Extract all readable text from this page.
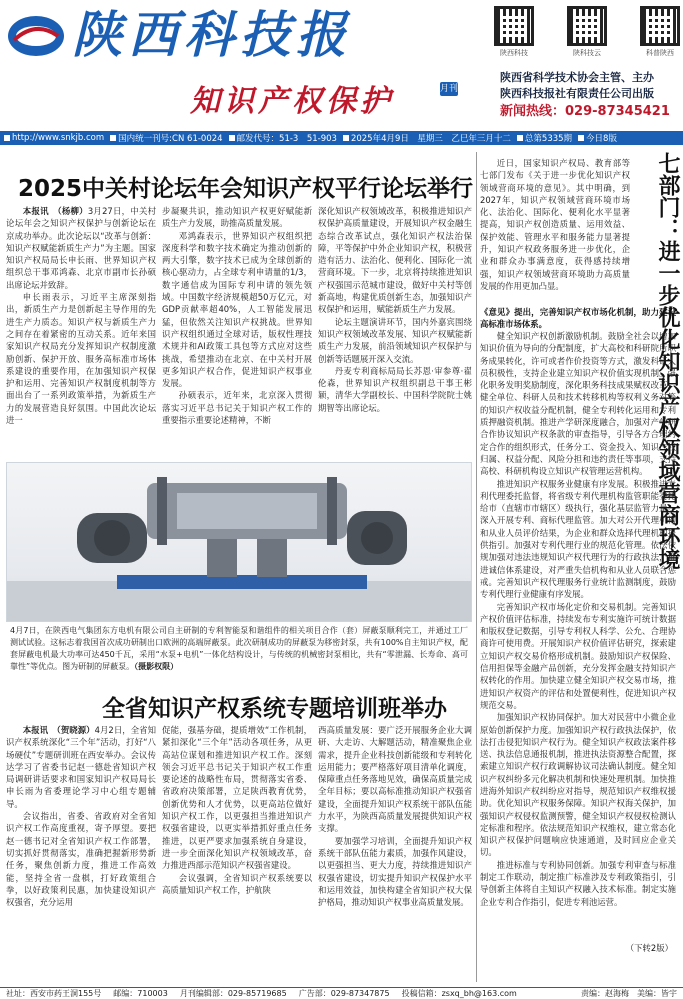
陕西科技报
知识产权保护	月刊
陕西科技	陕科技云	科普陕西
陕西省科学技术协会主管、主办
陕西科技报社有限责任公司出版
新闻热线：029-87345421
http://www.snkjb.com 国内统一刊号:CN 61-0024 邮发代号：51-3　51-903 2025年4月9日　星期三　乙巳年三月十二 总第5335期 今日8版
2025中关村论坛年会知识产权平行论坛举行

本报讯　（杨柳）3月27日，中关村论坛年会之知识产权保护与创新论坛在京成功举办。此次论坛以“改革与创新：知识产权赋能新质生产力”为主题。国家知识产权局局长申长雨、世界知识产权组织总干事邓鸿森、北京市副市长孙硕出席论坛并致辞。

申长雨表示，习近平主席深刻指出，新质生产力是创新起主导作用的先进生产力质态。知识产权与新质生产力之间存在着紧密的互动关系。近年来国家知识产权局充分发挥知识产权制度激励创新、保护开放、服务高标准市场体系建设的重要作用，在加强知识产权保护和运用、完善知识产权制度机制等方面出台了一系列政策举措，为新质生产力的发展营造良好氛围。中国此次论坛进一

步凝聚共识，推动知识产权更好赋能新质生产力发展，助推高质量发展。

邓鸿森表示，世界知识产权组织把深度科学和数字技术确定为推动创新的两大引擎，数字技术已成为全球创新的核心驱动力，占全球专利申请量的1/3，数字通信成为国际专利申请的领先领域。中国数字经济规模超50万亿元，对GDP贡献率超40%，人工智能发展迅猛，但依然关注知识产权挑战。世界知识产权组织通过全球对话，版权性理技术规并和AI政策工具包等方式应对这些挑战，希望推动在北京、在中关村开展更多知识产权合作，促进知识产权事业发展。

孙硕表示，近年来，北京深入贯彻落实习近平总书记关于知识产权工作的重要指示重要论述精神，不断

深化知识产权领域改革，积极推进知识产权保护高质量建设，开展知识产权金融生态综合改革试点，强化知识产权法治保障，平等保护中外企业知识产权，积极营造有活力、法治化、便利化、国际化一流营商环境。下一步，北京将持续推进知识产权强国示范城市建设，做好中关村等创新高地，构建优质创新生态，加强知识产权保护和运用，赋能新质生产力发展。

论坛主题演讲环节，国内外嘉宾围绕知识产权领域改革发展、知识产权赋能新质生产力发展，前沿领域知识产权保护与创新等话题展开深入交流。

丹麦专利商标局局长苏恩·审参尊·翟伦森，世界知识产权组织副总干事王彬颖，清华大学副校长、中国科学院院士姚期智等出席论坛。

4月7日，在陕西电气集团东方电机有限公司自主研制的专利智能泵和谐组件的相关项目合作（套）屏蔽泵顺利完工，并通过工厂测试试验。这标志着我国首次成功研制出口欧洲的高端屏蔽泵。此次研制成功的屏蔽泵为移密封泵，共有100%自主知识产权，配套屏蔽电机最大功率可达450千瓦，采用“水泵+电机”一体化结构设计，与传统的机械密封泵相比，共有“零泄漏、长寿命、高可靠性”等优点。图为研制的屏蔽泵。（摄影权限）
全省知识产权系统专题培训班举办

本报讯　（贺晓源）4月2日，全省知识产权系统深化“三个年”活动，打好“八场硬仗”专题研训班在西安举办。会议传达学习了省委书记赵一德赴省知识产权局调研讲话要求和国家知识产权局局长申长雨为省委理论学习中心组专题辅导。

会议指出，省委、省政府对全省知识产权工作高度重视，寄予厚望。要把赵一德书记对全省知识产权工作部署，切实抓好贯彻落实，准确把握新形势新任务，聚焦创新力度，推进工作高效能，坚持全省一盘棋，打好政策组合拳，以好政策利民惠，加快建设知识产权强省，充分运用

促能，强基夯础，提质增效“工作机制，紧扣深化“三个年”活动各项任务，从更高站位谋划和推进知识产权工作。深刻领会习近平总书记关于知识产权工作重要论述的战略性布局，贯彻落实省委、省政府决策部署，立足陕西教育优势，创新优势和人才优势，以更高站位做好知识产权工作，以更强担当推进知识产权强省建设，以更实举措抓好重点任务推进，以更严要求加强系统自身建设，进一步全面深化知识产权领域改革，奋力推进西部示范知识产权强省建设。

会议强调，全省知识产权系统要以高质量知识产权工作，护航陕

西高质量发展：要广泛开展服务企业大调研、大走访、大解题活动，精准聚焦企业需求，提升企业科技创新能级和专利转化运用能力；要严格落好项目清单化调度，保障重点任务落地见效，确保高质量完成全年目标；要以高标准推动知识产权强省建设，全面提升知识产权系统干部队伍能力水平，为陕西高质量发展提供知识产权支撑。

要加强学习培训，全面提升知识产权系统干部队伍能力素质，加强作风建设，以更强担当、更大力度，持续推进知识产权强省建设，切实提升知识产权保护水平和运用效益，加快构建全省知识产权大保护格局，推动知识产权事业高质量发展。

近日，国家知识产权局、教育部等七部门发布《关于进一步优化知识产权领域营商环境的意见》。其中明确，到2027年，知识产权领域营商环境市场化、法治化、国际化、便利化水平显著提高，知识产权创造质量、运用效益、保护效能、管理水平和服务能力显著提升，知识产权政务服务进一步优化，企业和群众办事满意度，获得感持续增强，知识产权领域营商环境助力高质量发展的作用更加凸显。	七部门：进一步优化知识产权领域营商环境

《意见》提出，完善知识产权市场化机制，助力建设高标准市场体系。

健全知识产权创新激励机制。鼓励全社会以增加知识价值为导向的分配制度，扩大高校和科研院所职务成果转化，许可或者作价投资等方式，激发科研人员积极性，支持企业建立知识产权价值实现机制。强化职务发明奖励制度，深化职务科技成果赋权改革，健全单位、科研人员和技术转移机构等权利义务对等的知识产权收益分配机制，健全专利转化运用和专利质押融资机制。推进产学研深度融合，加强对产学研合作协议知识产权条款的审查指导，引导各方合理约定合作的组织形式，任务分工、资金投入、知识产权归属、权益分配、风险分担和违约责任等事项，支持高校、科研机构设立知识产权管理运营机构。

推进知识产权服务业健康有序发展。积极推进专利代理委托监督，将省级专利代理机构监管职能委托给市（直辖市市辖区）级执行，强化基层监管力量。深入开展专利、商标代理监管。加大对公开代理机构和从业人员评价结果，为企业和群众选择代理机构提供指引。加强对专利代理行业的规范化管理。依法依规加强对违法违规知识产权代理行为的行政执法，推进诚信体系建设，对严重失信机构和从业人员联合惩戒。完善知识产权代理服务行业统计监测制度，鼓励专利代理行业健康有序发展。

完善知识产权市场化定价和交易机制。完善知识产权价值评估标准，持续发布专利实施许可统计数据和版权登记数据，引导专利权人科学、公允、合理协商许可使用费。开展知识产权价值评估研究，探索建立知识产权交易价格形成机制。鼓励知识产权保险、信用担保等金融产品创新，充分发挥金融支持知识产权转化的作用。加快建立健全知识产权交易市场，推进知识产权资产的评估和处置便利性，促进知识产权规范交易。

加强知识产权协同保护。加大对民营中小微企业原始创新保护力度。加强知识产权行政执法保护，依法打击侵犯知识产权行为。健全知识产权政法案件移送、执法信息通报机制，推进执法资源整合配置，探索建立知识产权行政调解协议司法确认制度。健全知识产权纠纷多元化解决机制和快速处理机制。加快推进海外知识产权纠纷应对指导，规范知识产权维权援助。优化知识产权服务保障。知识产权海关保护，加强知识产权侵权监测预警，健全知识产权侵权检测认定标准和程序。依法规范知识产权维权，建立常态化知识产权保护问题响应快速通道，及时回应企业关切。

推进标准与专利协同创新。加强专利审查与标准制定工作联动，制定推广标准涉及专利政策指引，引导创新主体将自主知识产权融入技术标准。制定实施企业专利合作指引，促进专利池运营。

（下转2版）
社址：西安市药王洞155号 邮编：710003 月刊编辑部：029-85719685 广告部：029-87347875 投稿信箱：zsxq_bh@163.com	责编：赵海梅　美编：皆宇
